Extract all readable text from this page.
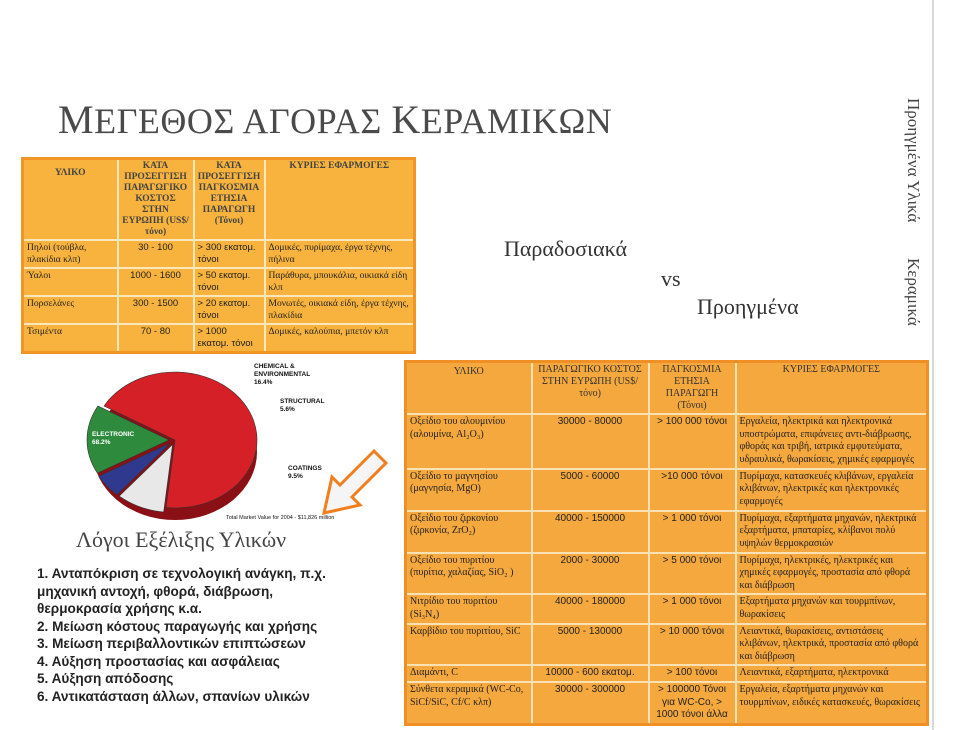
MΕΓΕΘΟΣ ΑΓΟΡΑΣ KΕΡΑΜΙΚΩΝ	Προηγμένα Υλικά
Κεραμικά
ΥΛΙΚΟ	ΚΑΤΑ ΠΡΟΣΕΓΓΙΣΗ ΠΑΡΑΓΩΓΙΚΟ ΚΟΣΤΟΣ ΣΤΗΝ ΕΥΡΩΠΗ (US$/τόνο)	ΚΑΤΑ ΠΡΟΣΕΓΓΙΣΗ ΠΑΓΚΟΣΜΙΑ ΕΤΗΣΙΑ ΠΑΡΑΓΩΓΗ (Τόνοι)	ΚΥΡΙΕΣ ΕΦΑΡΜΟΓΕΣ
Πηλοί (τούβλα, πλακίδια κλπ)	30 - 100	> 300 εκατομ. τόνοι	Δομικές, πυρίμαχα, έργα τέχνης, πήλινα
Ύαλοι	1000 - 1600	> 50 εκατομ. τόνοι	Παράθυρα, μπουκάλια, οικιακά είδη κλπ
Πορσελάνες	300 - 1500	> 20 εκατομ. τόνοι	Μονωτές, οικιακά είδη, έργα τέχνης, πλακίδια
Τσιμέντα	70 - 80	> 1000 εκατομ. τόνοι	Δομικές, καλούπια, μπετόν κλπ
Παραδοσιακά
vs
Προηγμένα
ELECTRONIC 68.2%
COATINGS 9.5%
STRUCTURAL 5.6%
CHEMICAL & ENVIRONMENTAL 16.4%
Total Market Value for 2004 - $11,826 million
ΥΛΙΚΟ	ΠΑΡΑΓΩΓΙΚΟ ΚΟΣΤΟΣ ΣΤΗΝ ΕΥΡΩΠΗ (US$/τόνο)	ΠΑΓΚΟΣΜΙΑ ΕΤΗΣΙΑ ΠΑΡΑΓΩΓΗ (Τόνοι)	ΚΥΡΙΕΣ ΕΦΑΡΜΟΓΕΣ
Οξείδιο του αλουμινίου (αλουμίνα, Al₂O₃)	30000 - 80000	> 100 000 τόνοι	Εργαλεία, ηλεκτρικά και ηλεκτρονικά υποστρώματα, επιφάνειες αντι-διάβρωσης, φθοράς και τριβή, ιατρικά εμφυτεύματα, υδραυλικά, θωρακίσεις, χημικές εφαρμογές
Οξείδιο το μαγνησίου (μαγνησία, MgO)	5000 - 60000	>10 000 τόνοι	Πυρίμαχα, κατασκευές κλιβάνων, εργαλεία κλιβάνων, ηλεκτρικές και ηλεκτρονικές εφαρμογές
Οξείδιο του ζιρκονίου (ζιρκονία, ZrO₂)	40000 - 150000	> 1 000 τόνοι	Πυρίμαχα, εξαρτήματα μηχανών, ηλεκτρικά εξαρτήματα, μπαταρίες, κλίβανοι πολύ υψηλών θερμοκρασιών
Οξείδιο του πυριτίου (πυρίτια, χαλαζίας, SiO₂ )	2000 - 30000	> 5 000 τόνοι	Πυρίμαχα, ηλεκτρικές, ηλεκτρικές και χημικές εφαρμογές, προστασία από φθορά και διάβρωση
Νιτρίδιο του πυριτίου (Si₃N₄)	40000 - 180000	> 1 000 τόνοι	Εξαρτήματα μηχανών και τουρμπίνων, θωρακίσεις
Καρβίδιο του πυριτίου, SiC	5000 - 130000	> 10 000 τόνοι	Λειαντικά, θωρακίσεις, αντιστάσεις κλιβάνων, ηλεκτρικά, προστασία από φθορά και διάβρωση
Διαμάντι, C	10000 - 600 εκατομ.	> 100 τόνοι	Λειαντικά, εξαρτήματα, ηλεκτρονικά
Σύνθετα κεραμικά (WC-Co, SiCf/SiC, Cf/C κλπ)	30000 - 300000	> 100000 Τόνοι για WC-Co, > 1000 τόνοι άλλα	Εργαλεία, εξαρτήματα μηχανών και τουρμπίνων, ειδικές κατασκευές, θωρακίσεις
Λόγοι Εξέλιξης Υλικών
1. Ανταπόκριση σε τεχνολογική ανάγκη, π.χ.
μηχανική αντοχή, φθορά, διάβρωση,
θερμοκρασία χρήσης κ.α.
2. Μείωση κόστους παραγωγής και χρήσης
3. Μείωση περιβαλλοντικών επιπτώσεων
4. Αύξηση προστασίας και ασφάλειας
5. Αύξηση απόδοσης
6. Αντικατάσταση άλλων, σπανίων υλικών
